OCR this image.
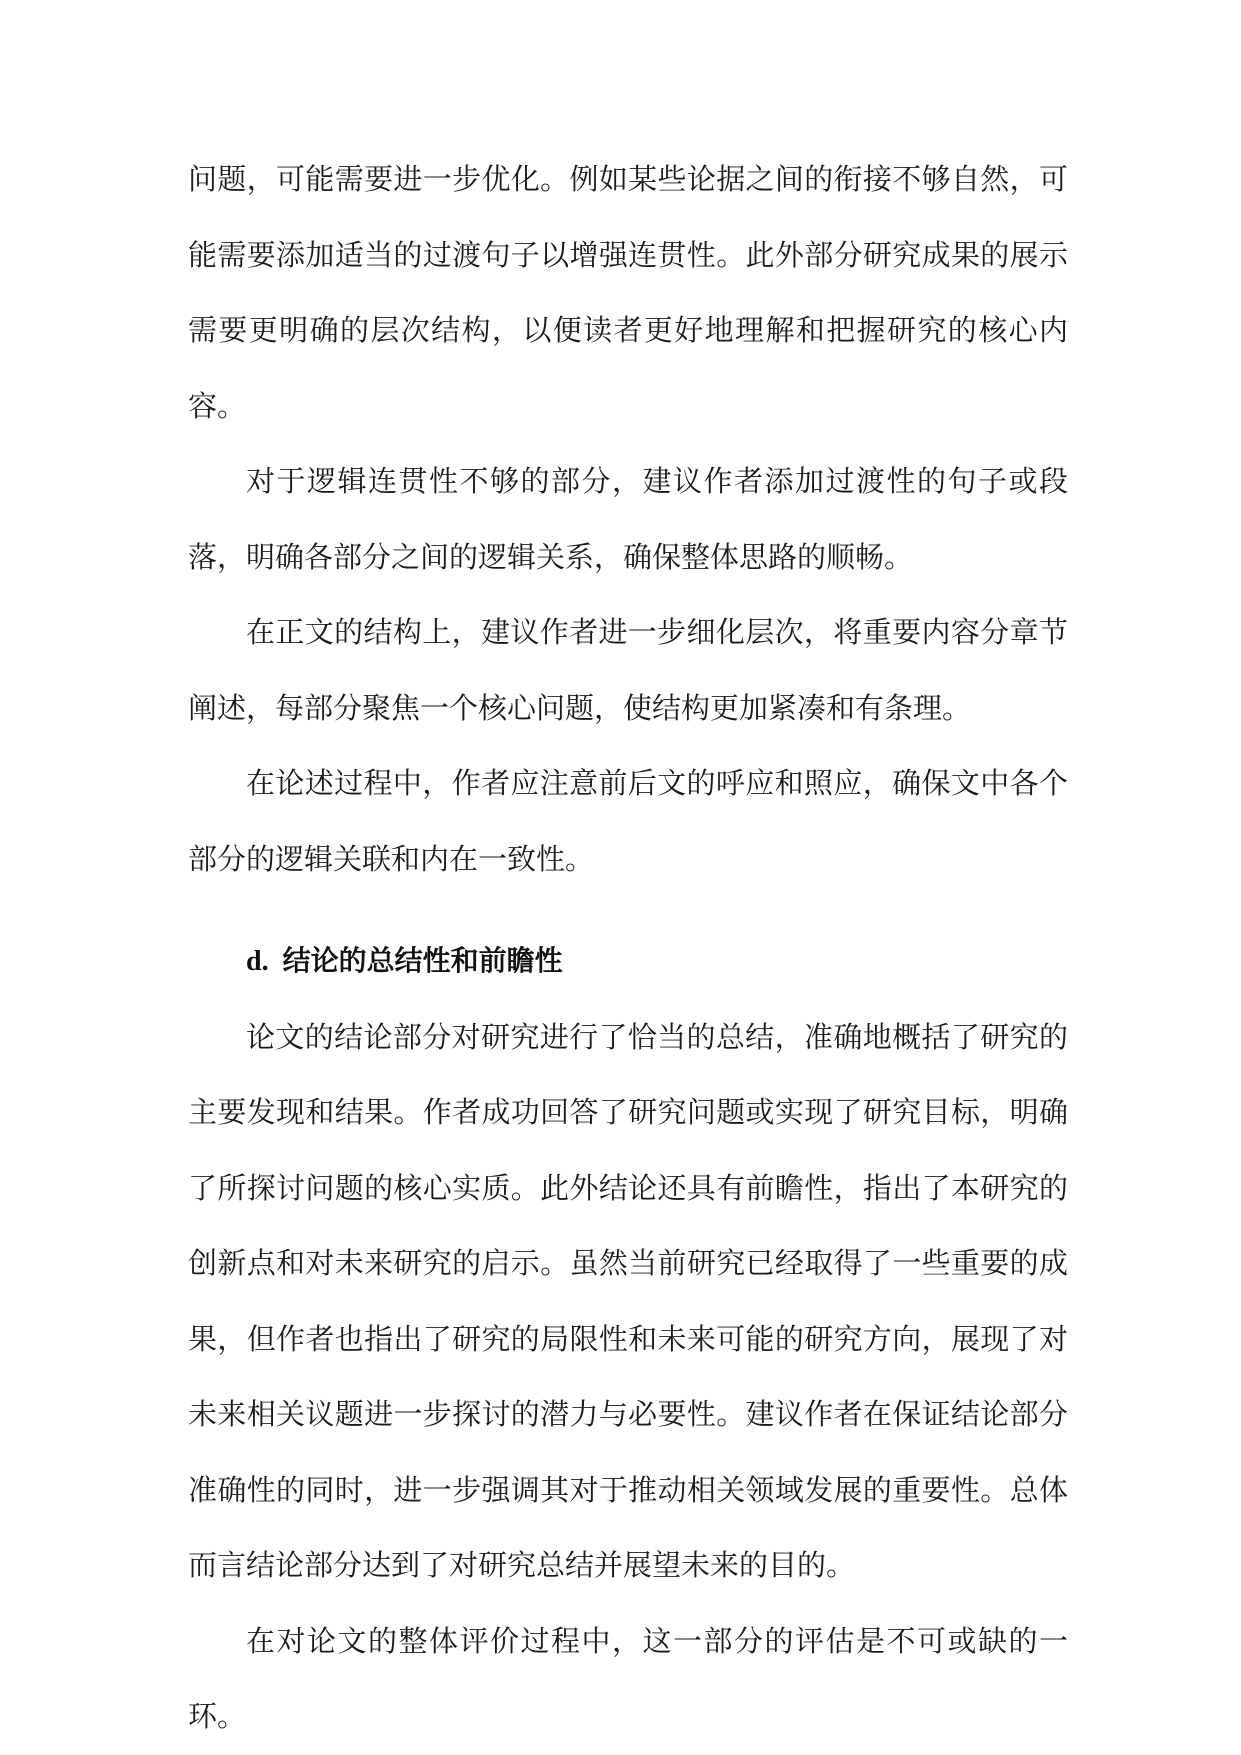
问题，可能需要进一步优化。例如某些论据之间的衔接不够自然，可能需要添加适当的过渡句子以增强连贯性。此外部分研究成果的展示需要更明确的层次结构，以便读者更好地理解和把握研究的核心内容。

对于逻辑连贯性不够的部分，建议作者添加过渡性的句子或段落，明确各部分之间的逻辑关系，确保整体思路的顺畅。

在正文的结构上，建议作者进一步细化层次，将重要内容分章节阐述，每部分聚焦一个核心问题，使结构更加紧凑和有条理。

在论述过程中，作者应注意前后文的呼应和照应，确保文中各个部分的逻辑关联和内在一致性。

d. 结论的总结性和前瞻性

论文的结论部分对研究进行了恰当的总结，准确地概括了研究的主要发现和结果。作者成功回答了研究问题或实现了研究目标，明确了所探讨问题的核心实质。此外结论还具有前瞻性，指出了本研究的创新点和对未来研究的启示。虽然当前研究已经取得了一些重要的成果，但作者也指出了研究的局限性和未来可能的研究方向，展现了对未来相关议题进一步探讨的潜力与必要性。建议作者在保证结论部分准确性的同时，进一步强调其对于推动相关领域发展的重要性。总体而言结论部分达到了对研究总结并展望未来的目的。

在对论文的整体评价过程中，这一部分的评估是不可或缺的一环。
